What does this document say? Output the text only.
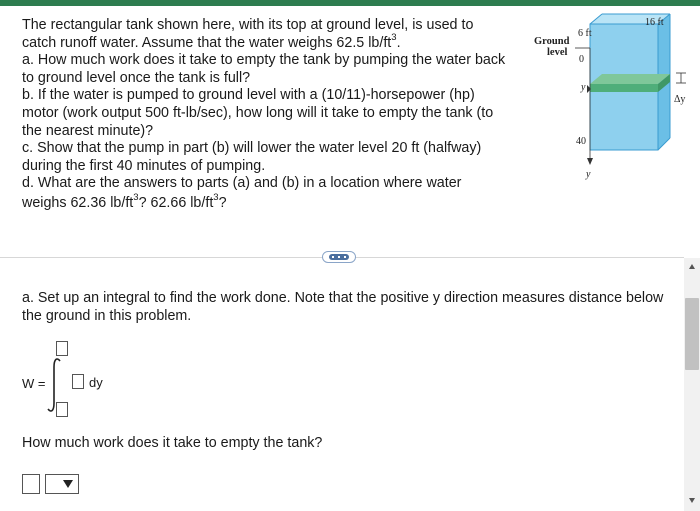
The rectangular tank shown here, with its top at ground level, is used to

catch runoff water. Assume that the water weighs 62.5 $lb/ft^3$.

a. How much work does it take to empty the tank by pumping the water back

to ground level once the tank is full?

b. If the water is pumped to ground level with a (10/11)-horsepower (hp)

motor (work output 500 ft-lb/sec), how long will it take to empty the tank (to

the nearest minute)?

c. Show that the pump in part (b) will lower the water level 20 ft (halfway)

during the first 40 minutes of pumping.

d. What are the answers to parts (a) and (b) in a location where water

weighs 62.36 $lb/ft^3$? 62.66 $lb/ft^3$?

Δy
16 ft
6 ft
Ground
level
0
y
40
y
a. Set up an integral to find the work done. Note that the positive y direction measures distance below the ground in this problem.
W =	dy
How much work does it take to empty the tank?
